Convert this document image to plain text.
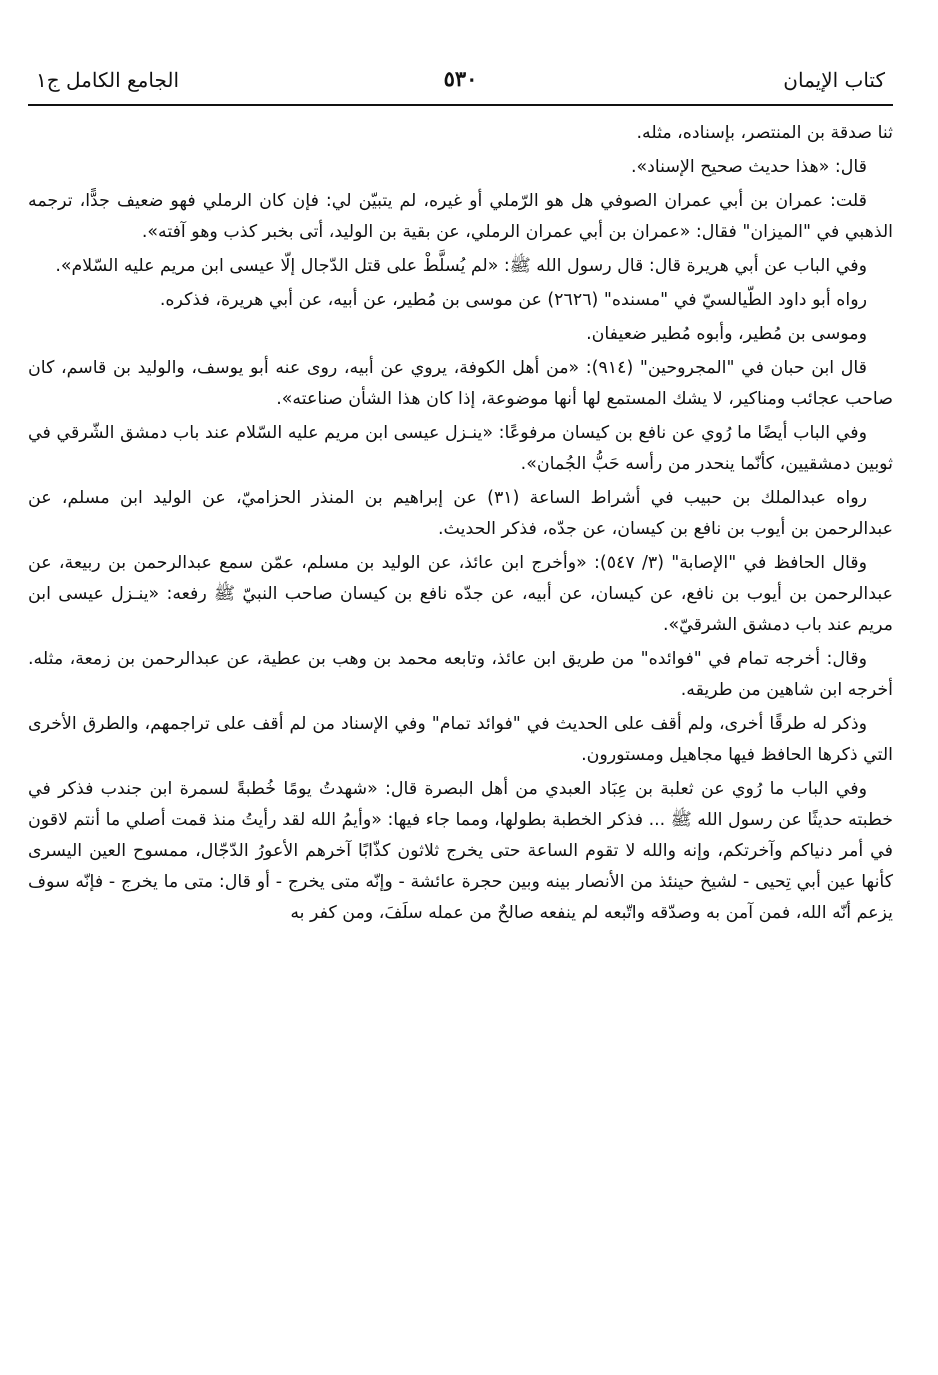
كتاب الإيمان
٥٣٠
الجامع الكامل ج١

ثنا صدقة بن المنتصر، بإسناده، مثله.

قال: «هذا حديث صحيح الإسناد».

قلت: عمران بن أبي عمران الصوفي هل هو الرّملي أو غيره، لم يتبيّن لي: فإن كان الرملي فهو ضعيف جدًّا، ترجمه الذهبي في "الميزان" فقال: «عمران بن أبي عمران الرملي، عن بقية بن الوليد، أتى بخبر كذب وهو آفته».

وفي الباب عن أبي هريرة قال: قال رسول الله ﷺ: «لم يُسلَّطْ على قتل الدّجال إلّا عيسى ابن مريم عليه السّلام».

رواه أبو داود الطّيالسيّ في "مسنده" (٢٦٢٦) عن موسى بن مُطير، عن أبيه، عن أبي هريرة، فذكره.

وموسى بن مُطير، وأبوه مُطير ضعيفان.

قال ابن حبان في "المجروحين" (٩١٤): «من أهل الكوفة، يروي عن أبيه، روى عنه أبو يوسف، والوليد بن قاسم، كان صاحب عجائب ومناكير، لا يشك المستمع لها أنها موضوعة، إذا كان هذا الشأن صناعته».

وفي الباب أيضًا ما رُوي عن نافع بن كيسان مرفوعًا: «ينـزل عيسى ابن مريم عليه السّلام عند باب دمشق الشّرقي في ثوبين دمشقيين، كأنّما ينحدر من رأسه حَبُّ الجُمان».

رواه عبدالملك بن حبيب في أشراط الساعة (٣١) عن إبراهيم بن المنذر الحزاميّ، عن الوليد ابن مسلم، عن عبدالرحمن بن أيوب بن نافع بن كيسان، عن جدّه، فذكر الحديث.

وقال الحافظ في "الإصابة" (٣/ ٥٤٧): «وأخرج ابن عائذ، عن الوليد بن مسلم، عمّن سمع عبدالرحمن بن ربيعة، عن عبدالرحمن بن أيوب بن نافع، عن كيسان، عن أبيه، عن جدّه نافع بن كيسان صاحب النبيّ ﷺ رفعه: «ينـزل عيسى ابن مريم عند باب دمشق الشرقيّ».

وقال: أخرجه تمام في "فوائده" من طريق ابن عائذ، وتابعه محمد بن وهب بن عطية، عن عبدالرحمن بن زمعة، مثله. أخرجه ابن شاهين من طريقه.

وذكر له طرقًا أخرى، ولم أقف على الحديث في "فوائد تمام" وفي الإسناد من لم أقف على تراجمهم، والطرق الأخرى التي ذكرها الحافظ فيها مجاهيل ومستورون.

وفي الباب ما رُوي عن ثعلبة بن عِبَاد العبدي من أهل البصرة قال: «شهدتُ يومًا خُطبةً لسمرة ابن جندب فذكر في خطبته حديثًا عن رسول الله ﷺ ... فذكر الخطبة بطولها، ومما جاء فيها: «وأيمُ الله لقد رأيتُ منذ قمت أصلي ما أنتم لاقون في أمر دنياكم وآخرتكم، وإنه والله لا تقوم الساعة حتى يخرج ثلاثون كذّابًا آخرهم الأعورُ الدّجّال، ممسوح العين اليسرى كأنها عين أبي تِحيى - لشيخ حينئذ من الأنصار بينه وبين حجرة عائشة - وإنّه متى يخرج - أو قال: متى ما يخرج - فإنّه سوف يزعم أنّه الله، فمن آمن به وصدّقه واتّبعه لم ينفعه صالحٌ من عمله سلَفَ، ومن كفر به
